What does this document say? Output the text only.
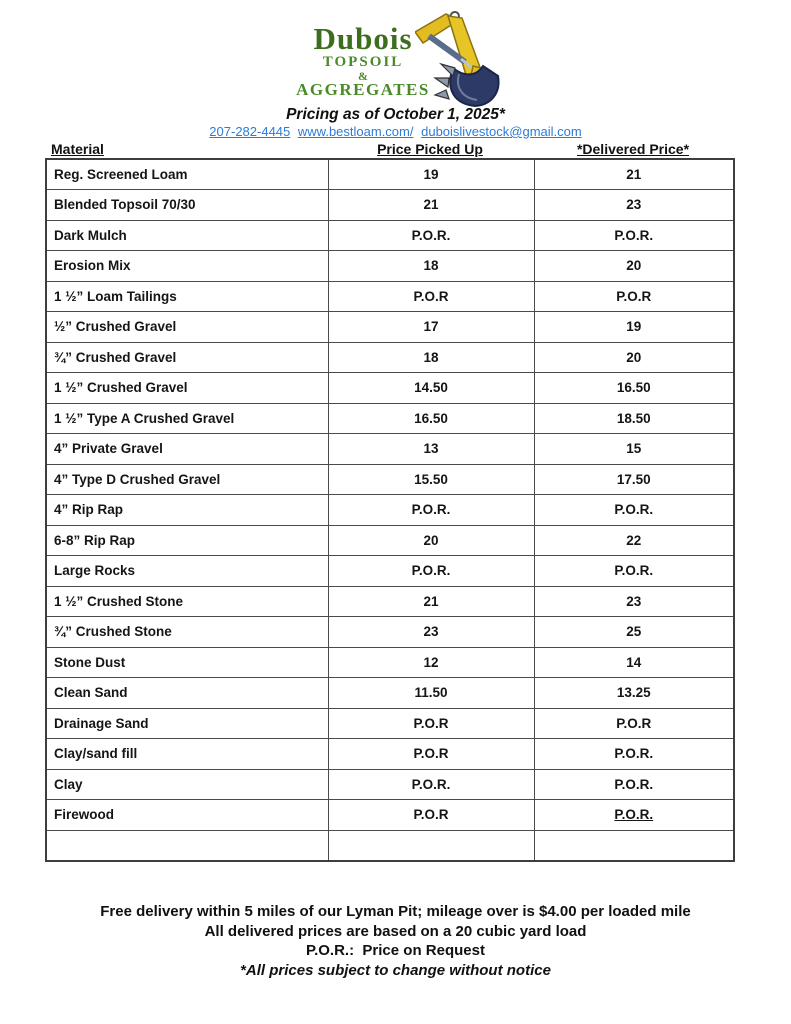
Dubois
TOPSOIL
&
AGGREGATES
Pricing as of October 1, 2025*
207-282-4445 www.bestloam.com/ duboislivestock@gmail.com
Material	Price Picked Up	*Delivered Price*
Reg. Screened Loam	19	21
Blended Topsoil 70/30	21	23
Dark Mulch	P.O.R.	P.O.R.
Erosion Mix	18	20
1 ½” Loam Tailings	P.O.R	P.O.R
½” Crushed Gravel	17	19
¾” Crushed Gravel	18	20
1 ½” Crushed Gravel	14.50	16.50
1 ½” Type A Crushed Gravel	16.50	18.50
4” Private Gravel	13	15
4” Type D Crushed Gravel	15.50	17.50
4” Rip Rap	P.O.R.	P.O.R.
6-8” Rip Rap	20	22
Large Rocks	P.O.R.	P.O.R.
1 ½” Crushed Stone	21	23
¾” Crushed Stone	23	25
Stone Dust	12	14
Clean Sand	11.50	13.25
Drainage Sand	P.O.R	P.O.R
Clay/sand fill	P.O.R	P.O.R.
Clay	P.O.R.	P.O.R.
Firewood	P.O.R	P.O.R.

Free delivery within 5 miles of our Lyman Pit; mileage over is $4.00 per loaded mile
All delivered prices are based on a 20 cubic yard load
P.O.R.:  Price on Request
*All prices subject to change without notice
